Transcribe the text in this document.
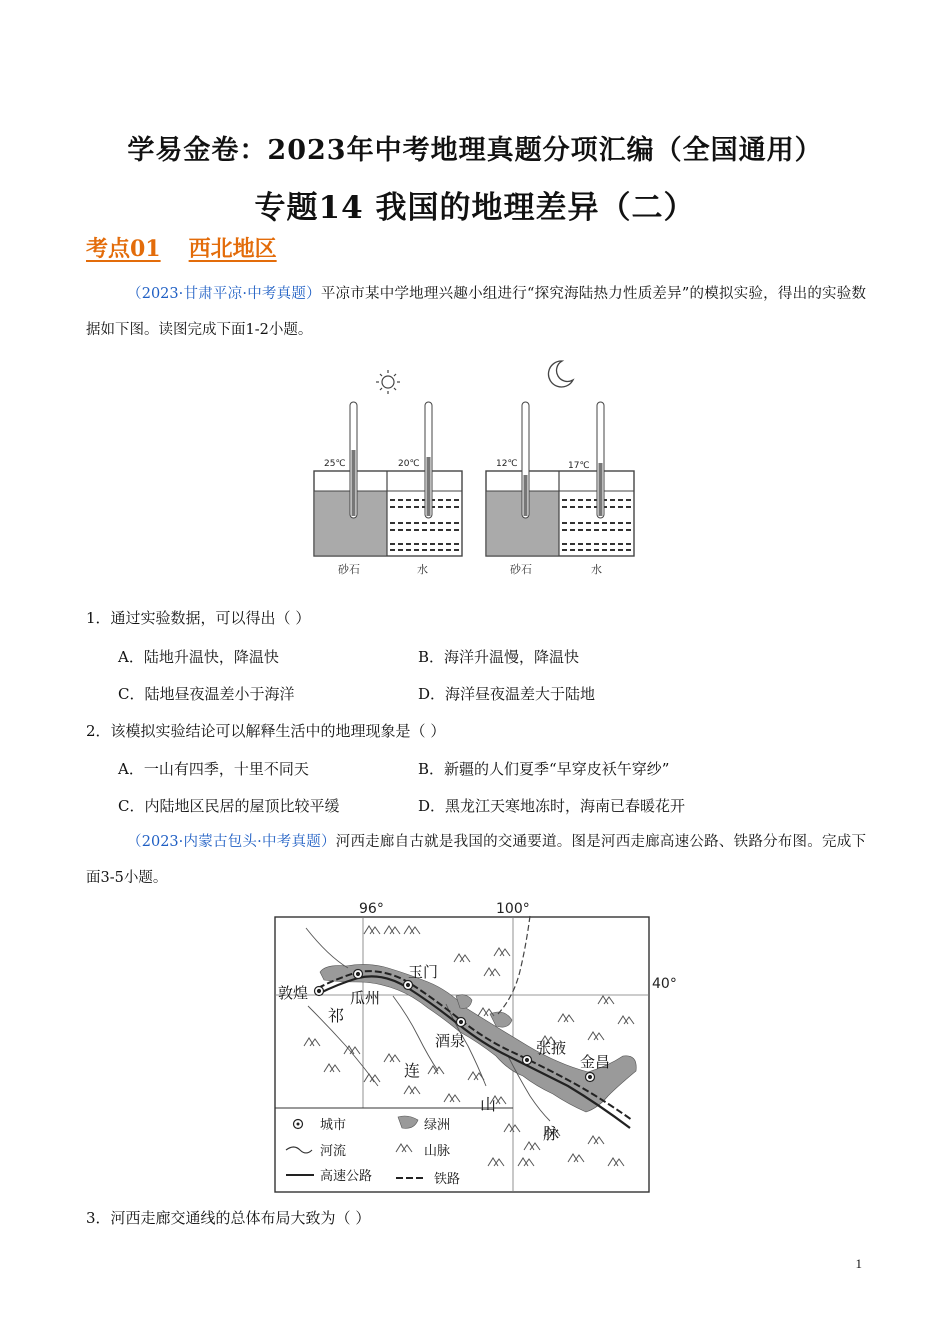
学易金卷：2023年中考地理真题分项汇编（全国通用）
专题14 我国的地理差异（二）
考点01 西北地区
（2023·甘肃平凉·中考真题）平凉市某中学地理兴趣小组进行“探究海陆热力性质差异”的模拟实验，得出的实验数据如下图。读图完成下面1-2小题。
25℃	20℃	12℃	17℃
砂石	水	砂石	水
1．通过实验数据，可以得出（ ）
A．陆地升温快，降温快	B．海洋升温慢，降温快
C．陆地昼夜温差小于海洋	D．海洋昼夜温差大于陆地
2．该模拟实验结论可以解释生活中的地理现象是（ ）
A．一山有四季，十里不同天	B．新疆的人们夏季“早穿皮袄午穿纱”
C．内陆地区民居的屋顶比较平缓	D．黑龙江天寒地冻时，海南已春暖花开
（2023·内蒙古包头·中考真题）河西走廊自古就是我国的交通要道。图是河西走廊高速公路、铁路分布图。完成下面3-5小题。
96°	100°
40°
敦煌	瓜州
玉门
酒泉	张掖
金昌
祁
连
山
脉
城市	绿洲
河流	山脉
高速公路	铁路
3．河西走廊交通线的总体布局大致为（ ）
1
